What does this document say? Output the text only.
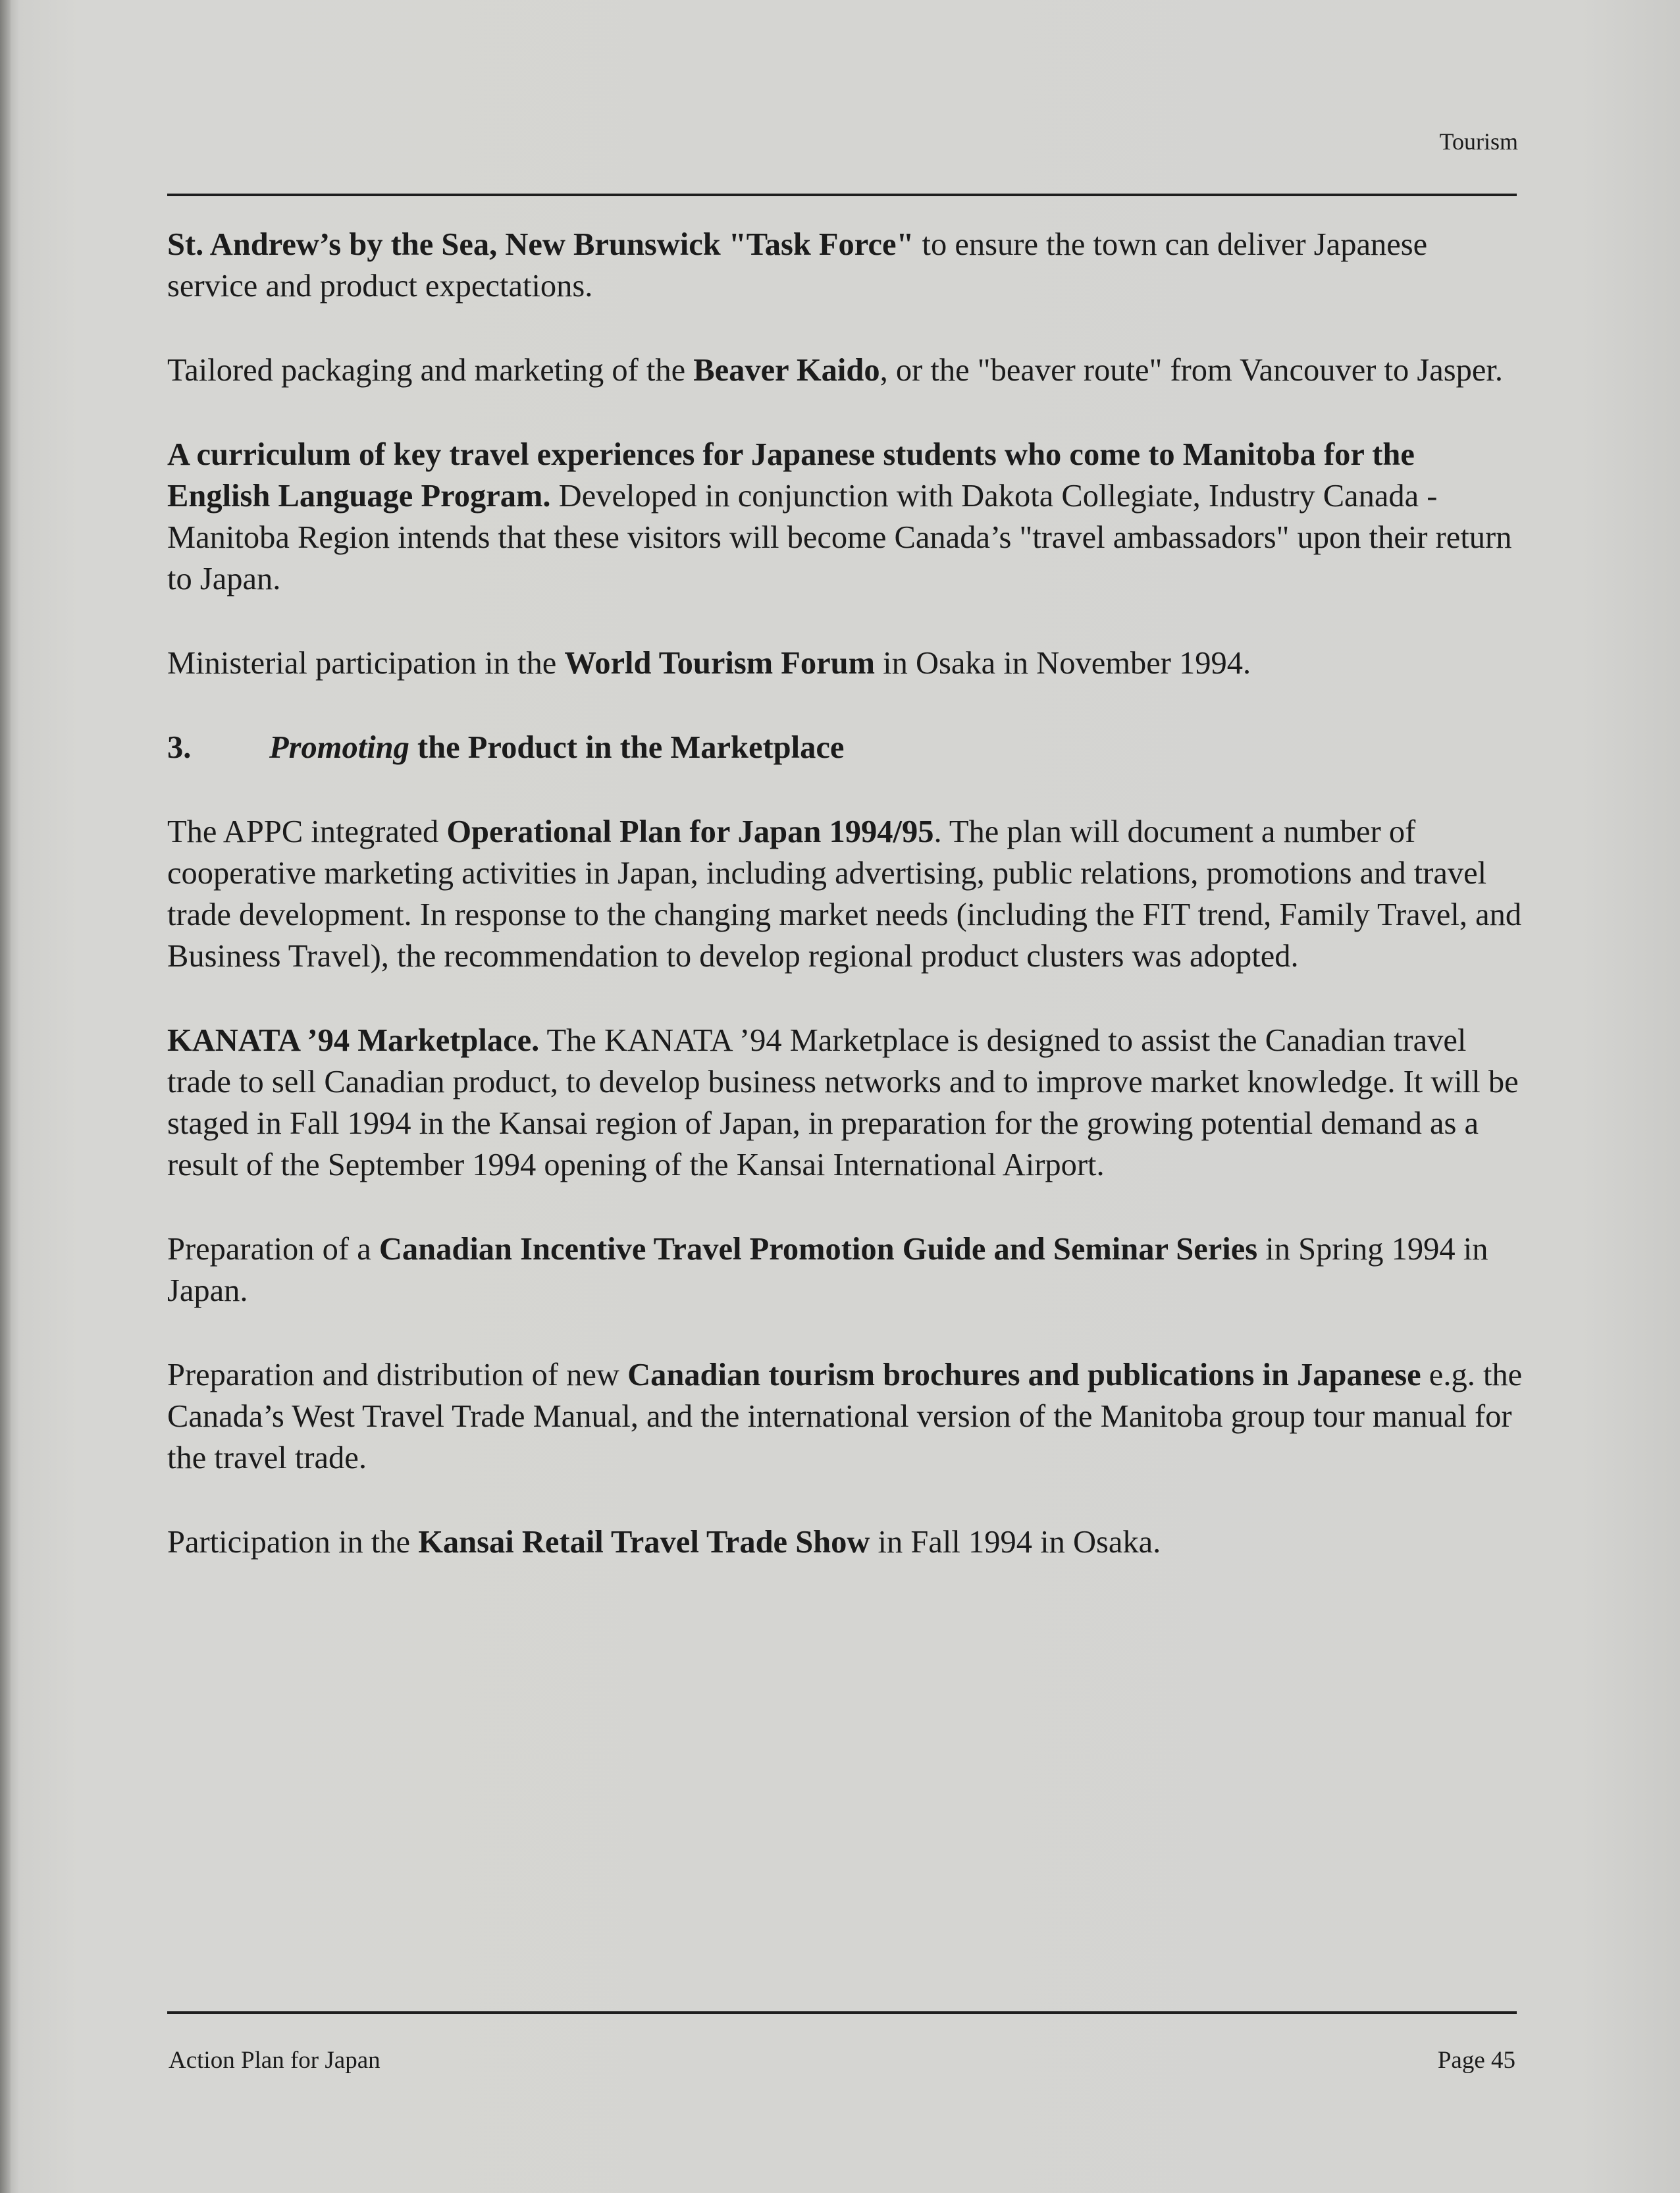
Tourism

St. Andrew’s by the Sea, New Brunswick "Task Force" to ensure the town can deliver Japanese service and product expectations.

Tailored packaging and marketing of the Beaver Kaido, or the "beaver route" from Vancouver to Jasper.

A curriculum of key travel experiences for Japanese students who come to Manitoba for the English Language Program. Developed in conjunction with Dakota Collegiate, Industry Canada - Manitoba Region intends that these visitors will become Canada’s "travel ambassadors" upon their return to Japan.

Ministerial participation in the World Tourism Forum in Osaka in November 1994.

3.	Promoting the Product in the Marketplace

The APPC integrated Operational Plan for Japan 1994/95. The plan will document a number of cooperative marketing activities in Japan, including advertising, public relations, promotions and travel trade development. In response to the changing market needs (including the FIT trend, Family Travel, and Business Travel), the recommendation to develop regional product clusters was adopted.

KANATA ’94 Marketplace. The KANATA ’94 Marketplace is designed to assist the Canadian travel trade to sell Canadian product, to develop business networks and to improve market knowledge. It will be staged in Fall 1994 in the Kansai region of Japan, in preparation for the growing potential demand as a result of the September 1994 opening of the Kansai International Airport.

Preparation of a Canadian Incentive Travel Promotion Guide and Seminar Series in Spring 1994 in Japan.

Preparation and distribution of new Canadian tourism brochures and publications in Japanese e.g. the Canada’s West Travel Trade Manual, and the international version of the Manitoba group tour manual for the travel trade.

Participation in the Kansai Retail Travel Trade Show in Fall 1994 in Osaka.

Action Plan for Japan	Page 45
